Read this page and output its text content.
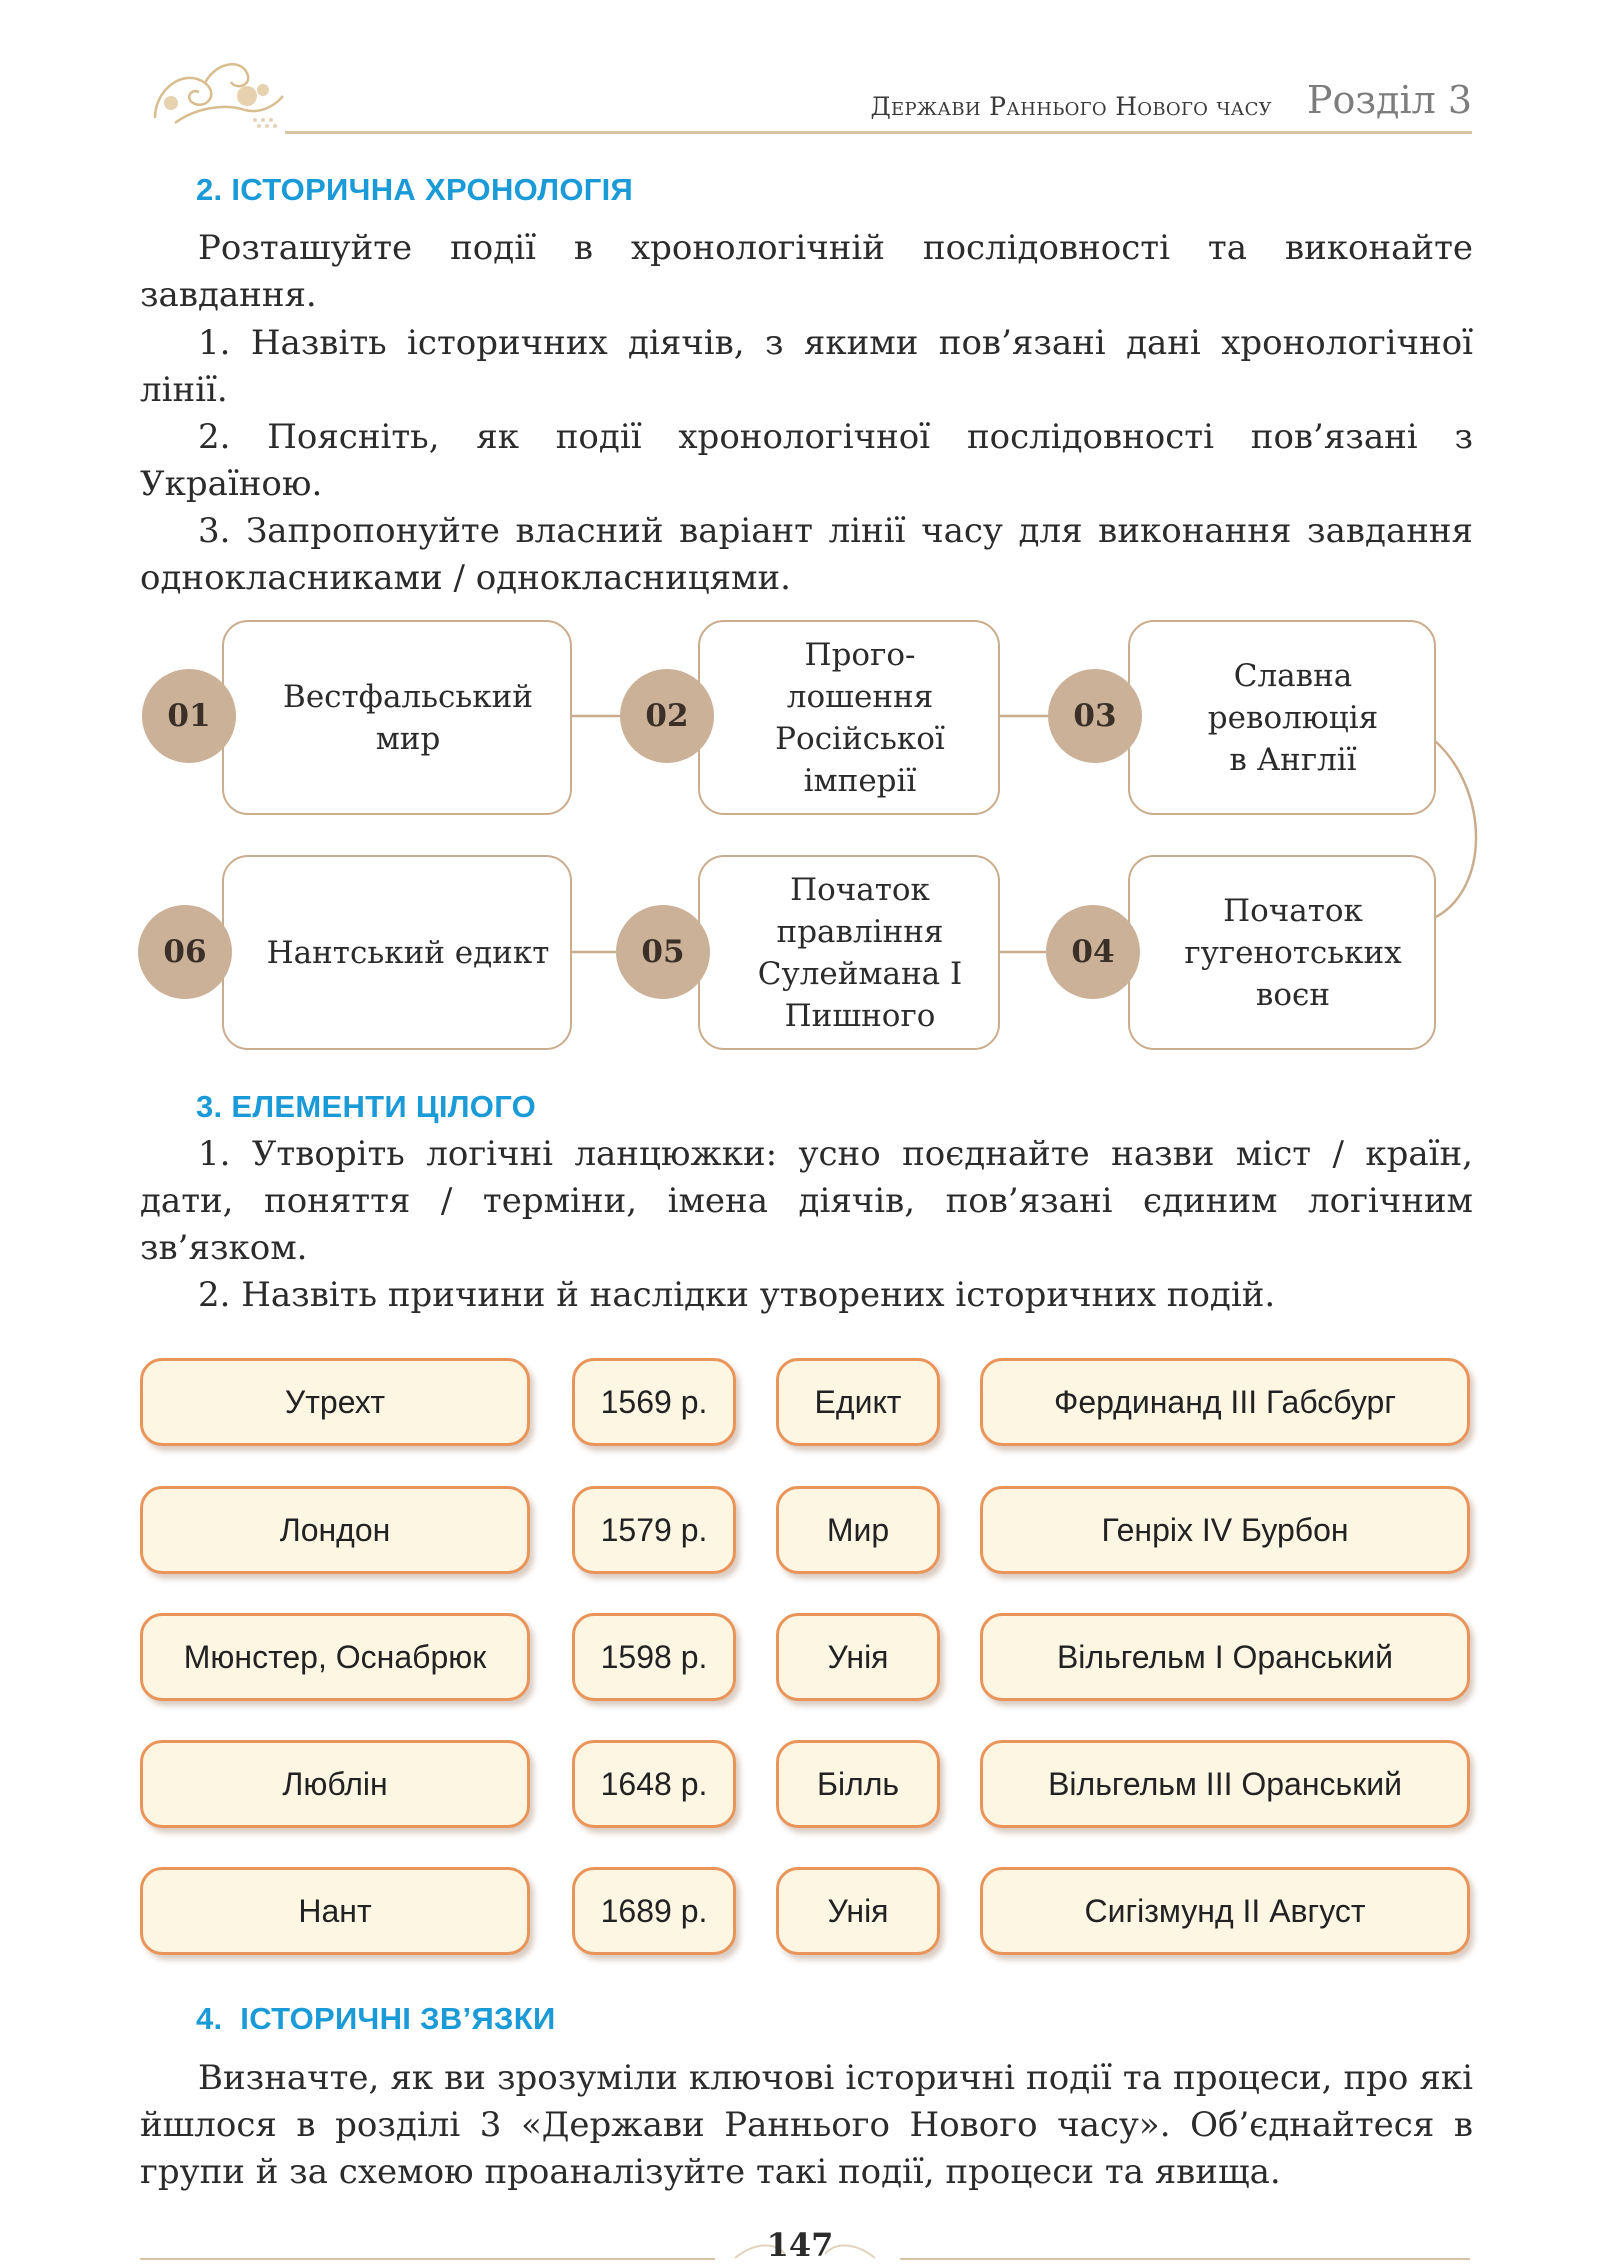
Держави Раннього Нового часу Розділ 3
2. ІСТОРИЧНА ХРОНОЛОГІЯ

Розташуйте події в хронологічній послідовності та виконайте завдання.

1. Назвіть історичних діячів, з якими пов’язані дані хронологічної лінії.

2. Поясніть, як події хронологічної послідовності пов’язані з Україною.

3. Запропонуйте власний варіант лінії часу для виконання завдання однокласниками / однокласницями.

Вестфальський
мир
01
Прого-
лошення
Російської
імперії
02
Славна
революція
в Англії
03
Нантський едикт
06
Початок
правління
Сулеймана I
Пишного
05
Початок
гугенотських
воєн
04
3. ЕЛЕМЕНТИ ЦІЛОГО

1. Утворіть логічні ланцюжки: усно поєднайте назви міст / країн, дати, поняття / терміни, імена діячів, пов’язані єдиним логічним зв’язком.

2. Назвіть причини й наслідки утворених історичних подій.

Утрехт
Лондон
Мюнстер, Оснабрюк
Люблін
Нант
1569 р.
1579 р.
1598 р.
1648 р.
1689 р.
Едикт
Мир
Унія
Білль
Унія
Фердинанд III Габсбург
Генріх IV Бурбон
Вільгельм I Оранський
Вільгельм III Оранський
Сигізмунд II Август
4.  ІСТОРИЧНІ ЗВ’ЯЗКИ

Визначте, як ви зрозуміли ключові історичні події та процеси, про які йшлося в розділі 3 «Держави Раннього Нового часу». Об’єднайтеся в групи й за схемою проаналізуйте такі події, процеси та явища.

147
